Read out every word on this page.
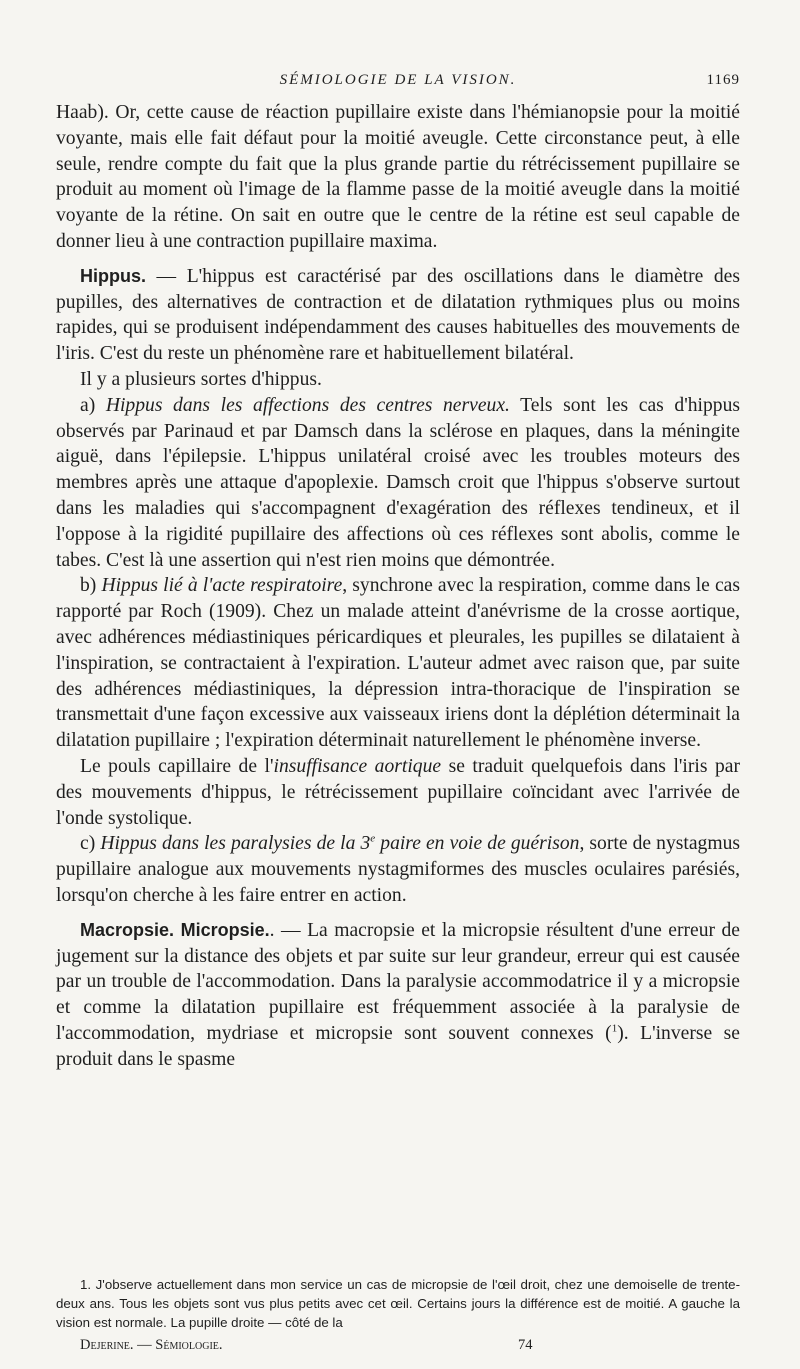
SÉMIOLOGIE DE LA VISION.	1169

Haab). Or, cette cause de réaction pupillaire existe dans l'hémianopsie pour la moitié voyante, mais elle fait défaut pour la moitié aveugle. Cette circonstance peut, à elle seule, rendre compte du fait que la plus grande partie du rétrécissement pupillaire se produit au moment où l'image de la flamme passe de la moitié aveugle dans la moitié voyante de la rétine. On sait en outre que le centre de la rétine est seul capable de donner lieu à une contraction pupillaire maxima.

Hippus. — L'hippus est caractérisé par des oscillations dans le diamètre des pupilles, des alternatives de contraction et de dilatation rythmiques plus ou moins rapides, qui se produisent indépendamment des causes habituelles des mouvements de l'iris. C'est du reste un phénomène rare et habituellement bilatéral.

Il y a plusieurs sortes d'hippus.

a) Hippus dans les affections des centres nerveux. Tels sont les cas d'hippus observés par Parinaud et par Damsch dans la sclérose en plaques, dans la méningite aiguë, dans l'épilepsie. L'hippus unilatéral croisé avec les troubles moteurs des membres après une attaque d'apoplexie. Damsch croit que l'hippus s'observe surtout dans les maladies qui s'accompagnent d'exagération des réflexes tendineux, et il l'oppose à la rigidité pupillaire des affections où ces réflexes sont abolis, comme le tabes. C'est là une assertion qui n'est rien moins que démontrée.

b) Hippus lié à l'acte respiratoire, synchrone avec la respiration, comme dans le cas rapporté par Roch (1909). Chez un malade atteint d'anévrisme de la crosse aortique, avec adhérences médiastiniques péricardiques et pleurales, les pupilles se dilataient à l'inspiration, se contractaient à l'expiration. L'auteur admet avec raison que, par suite des adhérences médiastiniques, la dépression intra-thoracique de l'inspiration se transmettait d'une façon excessive aux vaisseaux iriens dont la déplétion déterminait la dilatation pupillaire ; l'expiration déterminait naturellement le phénomène inverse.

Le pouls capillaire de l'insuffisance aortique se traduit quelquefois dans l'iris par des mouvements d'hippus, le rétrécissement pupillaire coïncidant avec l'arrivée de l'onde systolique.

c) Hippus dans les paralysies de la 3e paire en voie de guérison, sorte de nystagmus pupillaire analogue aux mouvements nystagmiformes des muscles oculaires parésiés, lorsqu'on cherche à les faire entrer en action.

Macropsie. Micropsie.. — La macropsie et la micropsie résultent d'une erreur de jugement sur la distance des objets et par suite sur leur grandeur, erreur qui est causée par un trouble de l'accommodation. Dans la paralysie accommodatrice il y a micropsie et comme la dilatation pupillaire est fréquemment associée à la paralysie de l'accommodation, mydriase et micropsie sont souvent connexes ($^1$). L'inverse se produit dans le spasme

1. J'observe actuellement dans mon service un cas de micropsie de l'œil droit, chez une demoiselle de trente-deux ans. Tous les objets sont vus plus petits avec cet œil. Certains jours la différence est de moitié. A gauche la vision est normale. La pupille droite — côté de la

Dejerine. — Sémiologie.	74
